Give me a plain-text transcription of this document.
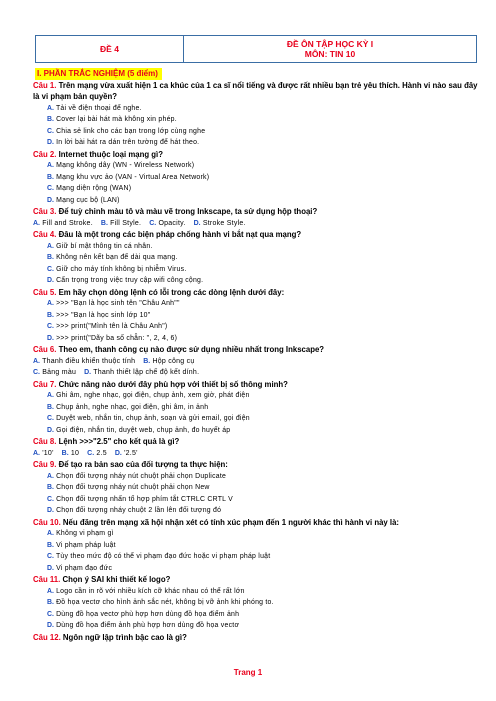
ĐỀ 4	
ĐỀ ÔN TẬP HỌC KỲ I
MÔN: TIN 10
I. PHẦN TRẮC NGHIỆM (5 điểm)
Câu 1. Trên mạng vừa xuất hiện 1 ca khúc của 1 ca sĩ nổi tiếng và được rất nhiều bạn trẻ yêu thích. Hành vi nào sau đây là vi phạm bản quyền?
A. Tải về điện thoại để nghe.
B. Cover lại bài hát mà không xin phép.
C. Chia sẻ link cho các bạn trong lớp cùng nghe
D. In lời bài hát ra dán trên tường để hát theo.
Câu 2. Internet thuộc loại mạng gì?
A. Mạng không dây (WN - Wireless Network)
B. Mạng khu vực ảo (VAN - Virtual Area Network)
C. Mạng diện rộng (WAN)
D. Mạng cục bộ (LAN)
Câu 3. Để tuỳ chỉnh màu tô và màu vẽ trong Inkscape, ta sử dụng hộp thoại?
A. Fill and Stroke. B. Fill Style. C. Opacity. D. Stroke Style.
Câu 4. Đâu là một trong các biện pháp chống hành vi bắt nạt qua mạng?
A. Giữ bí mật thông tin cá nhân.
B. Không nên kết bạn để dài qua mạng.
C. Giữ cho máy tính không bị nhiễm Virus.
D. Cẩn trọng trong việc truy cập wifi công cộng.
Câu 5. Em hãy chọn dòng lệnh có lỗi trong các dòng lệnh dưới đây:
A. >>> "Bạn là học sinh tên "Châu Anh""
B. >>> "Bạn là học sinh lớp 10"
C. >>> print("Mình tên là Châu Anh")
D. >>> print("Dãy ba số chẵn: ", 2, 4, 6)
Câu 6. Theo em, thanh công cụ nào được sử dụng nhiều nhất trong Inkscape?
A. Thanh điều khiển thuộc tính B. Hộp công cụ
C. Bảng màu D. Thanh thiết lập chế độ kết dính.
Câu 7. Chức năng nào dưới đây phù hợp với thiết bị số thông minh?
A. Ghi âm, nghe nhạc, gọi điện, chụp ảnh, xem giờ, phát điện
B. Chụp ảnh, nghe nhạc, gọi điện, ghi âm, in ảnh
C. Duyệt web, nhắn tin, chụp ảnh, soạn và gửi email, gọi điện
D. Gọi điện, nhắn tin, duyệt web, chụp ảnh, đo huyết áp
Câu 8. Lệnh >>>"2.5" cho kết quả là gì?
A. '10' B. 10 C. 2.5 D. '2.5'
Câu 9. Để tạo ra bản sao của đối tượng ta thực hiện:
A. Chọn đối tượng nháy nút chuột phải chọn Duplicate
B. Chọn đối tượng nháy nút chuột phải chọn New
C. Chọn đối tượng nhấn tổ hợp phím tắt CTRLC CRTL V
D. Chọn đối tượng nháy chuột 2 lần lên đối tượng đó
Câu 10. Nếu đăng trên mạng xã hội nhận xét có tính xúc phạm đến 1 người khác thì hành vi này là:
A. Không vi phạm gì
B. Vi phạm pháp luật
C. Tùy theo mức độ có thể vi phạm đạo đức hoặc vi phạm pháp luật
D. Vi phạm đạo đức
Câu 11. Chọn ý SAI khi thiết kế logo?
A. Logo cần in rõ với nhiều kích cỡ khác nhau có thể rất lớn
B. Đồ họa vectơ cho hình ảnh sắc nét, không bị vỡ ảnh khi phóng to.
C. Dùng đồ họa vectơ phù hợp hơn dùng đồ họa điểm ảnh
D. Dùng đồ họa điểm ảnh phù hợp hơn dùng đồ họa vectơ
Câu 12. Ngôn ngữ lập trình bậc cao là gì?
Trang 1
